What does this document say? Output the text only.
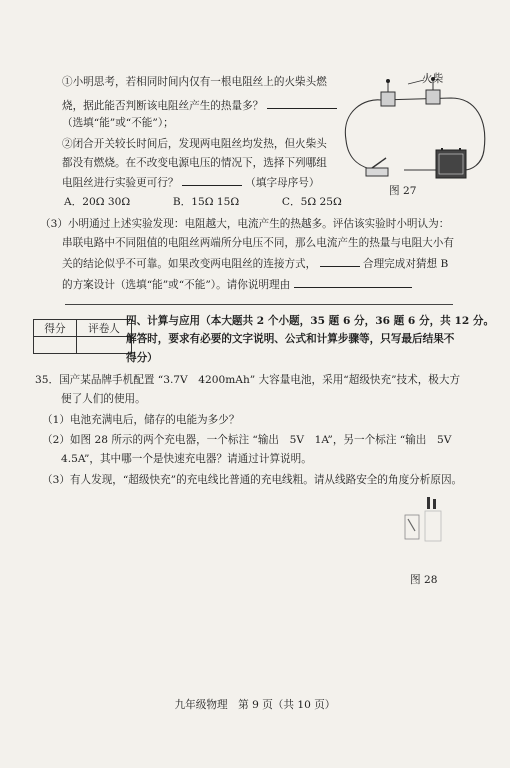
①小明思考，若相同时间内仅有一根电阻丝上的火柴头燃
烧，据此能否判断该电阻丝产生的热量多？
（选填“能”或“不能”）；
②闭合开关较长时间后，发现两电阻丝均发热，但火柴头
都没有燃烧。在不改变电源电压的情况下，选择下列哪组
电阻丝进行实验更可行？	（填字母序号）
A．20Ω 30Ω	B．15Ω 15Ω	C．5Ω 25Ω
火柴
图 27
（3）小明通过上述实验发现：电阻越大，电流产生的热越多。评估该实验时小明认为：
串联电路中不同阻值的电阻丝两端所分电压不同，那么电流产生的热量与电阻大小有
关的结论似乎不可靠。如果改变两电阻丝的连接方式，	合理完成对猜想 B
的方案设计（选填“能”或“不能”）。请你说明理由
得分	评卷人

四、计算与应用（本大题共 2 个小题，35 题 6 分，36 题 6 分，共 12 分。
解答时，要求有必要的文字说明、公式和计算步骤等，只写最后结果不
得分）
35．国产某品牌手机配置 “3.7V　4200mAh” 大容量电池，采用“超级快充”技术，极大方
便了人们的使用。
（1）电池充满电后，储存的电能为多少？
（2）如图 28 所示的两个充电器，一个标注 “输出　5V　1A”，另一个标注 “输出　5V
4.5A”，其中哪一个是快速充电器？请通过计算说明。
（3）有人发现，“超级快充”的充电线比普通的充电线粗。请从线路安全的角度分析原因。
图 28
九年级物理　第 9 页（共 10 页）
